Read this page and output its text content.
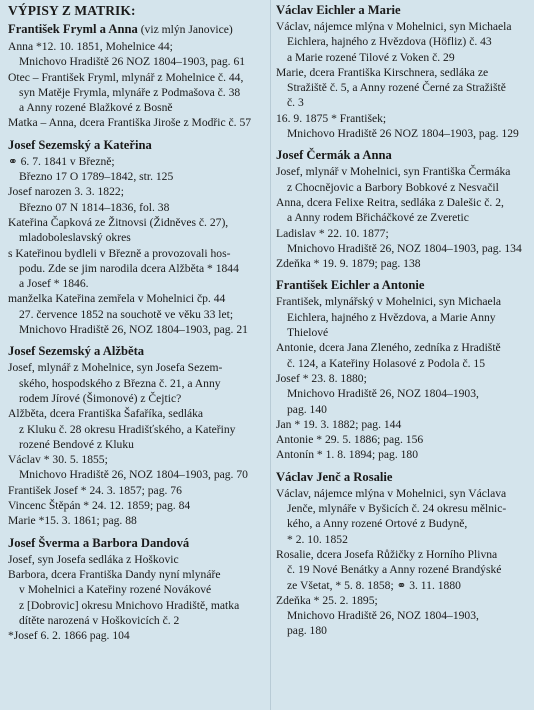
VÝPISY Z MATRIK:
František Fryml a Anna (viz mlýn Janovice)
Anna *12. 10. 1851, Mohelnice 44;
Mnichovo Hradiště 26 NOZ 1804–1903, pag. 61
Otec – František Fryml, mlynář z Mohelnice č. 44,
syn Matěje Frymla, mlynáře z Podmašova č. 38
a Anny rozené Blažkové z Bosně
Matka – Anna, dcera Františka Jiroše z Modřic č. 57
Josef Sezemský a Kateřina
⚭ 6. 7. 1841 v Březně;
Březno 17 O 1789–1842, str. 125
Josef narozen 3. 3. 1822;
Březno 07 N 1814–1836, fol. 38
Kateřina Čapková ze Žitnovsi (Židněves č. 27),
mladoboleslavský okres
s Kateřinou bydleli v Březně a provozovali hos-
podu. Zde se jim narodila dcera Alžběta * 1844
a Josef * 1846.
manželka Kateřina zemřela v Mohelnici čp. 44
27. července 1852 na souchotě ve věku 33 let;
Mnichovo Hradiště 26, NOZ 1804–1903, pag. 21
Josef Sezemský a Alžběta
Josef, mlynář z Mohelnice, syn Josefa Sezem-
ského, hospodského z Března č. 21, a Anny
rodem Jírové (Šimonové) z Čejtic?
Alžběta, dcera Františka Šafaříka, sedláka
z Kluku č. 28 okresu Hradišťského, a Kateřiny
rozené Bendové z Kluku
Václav * 30. 5. 1855;
Mnichovo Hradiště 26, NOZ 1804–1903, pag. 70
František Josef * 24. 3. 1857; pag. 76
Vincenc Štěpán * 24. 12. 1859; pag. 84
Marie *15. 3. 1861; pag. 88
Josef Šverma a Barbora Dandová
Josef, syn Josefa sedláka z Hoškovic
Barbora, dcera Františka Dandy nyní mlynáře
v Mohelnici a Kateřiny rozené Novákové
z [Dobrovic] okresu Mnichovo Hradiště, matka
dítěte narozená v Hoškovicích č. 2
*Josef 6. 2. 1866 pag. 104
Václav Eichler a Marie
Václav, nájemce mlýna v Mohelnici, syn Michaela
Eichlera, hajného z Hvězdova (Höfliz) č. 43
a Marie rozené Tilové z Voken č. 29
Marie, dcera Františka Kirschnera, sedláka ze
Stražiště č. 5, a Anny rozené Černé za Stražiště
č. 3
16. 9. 1875 * František;
Mnichovo Hradiště 26 NOZ 1804–1903, pag. 129
Josef Čermák a Anna
Josef, mlynář v Mohelnici, syn Františka Čermáka
z Chocnějovic a Barbory Bobkové z Nesvačil
Anna, dcera Felixe Reitra, sedláka z Dalešic č. 2,
a Anny rodem Břicháčkové ze Zveretic
Ladislav * 22. 10. 1877;
Mnichovo Hradiště 26, NOZ 1804–1903, pag. 134
Zdeňka * 19. 9. 1879; pag. 138
František Eichler a Antonie
František, mlynářský v Mohelnici, syn Michaela
Eichlera, hajného z Hvězdova, a Marie Anny
Thielové
Antonie, dcera Jana Zleného, zedníka z Hradiště
č. 124, a Kateřiny Holasové z Podola č. 15
Josef * 23. 8. 1880;
Mnichovo Hradiště 26, NOZ 1804–1903,
pag. 140
Jan * 19. 3. 1882; pag. 144
Antonie * 29. 5. 1886; pag. 156
Antonín * 1. 8. 1894; pag. 180
Václav Jenč a Rosalie
Václav, nájemce mlýna v Mohelnici, syn Václava
Jenče, mlynáře v Byšicích č. 24 okresu mělnic-
kého, a Anny rozené Ortové z Budyně,
* 2. 10. 1852
Rosalie, dcera Josefa Růžičky z Horního Plivna
č. 19 Nové Benátky a Anny rozené Brandýské
ze Všetat, * 5. 8. 1858; ⚭ 3. 11. 1880
Zdeňka * 25. 2. 1895;
Mnichovo Hradiště 26, NOZ 1804–1903,
pag. 180
